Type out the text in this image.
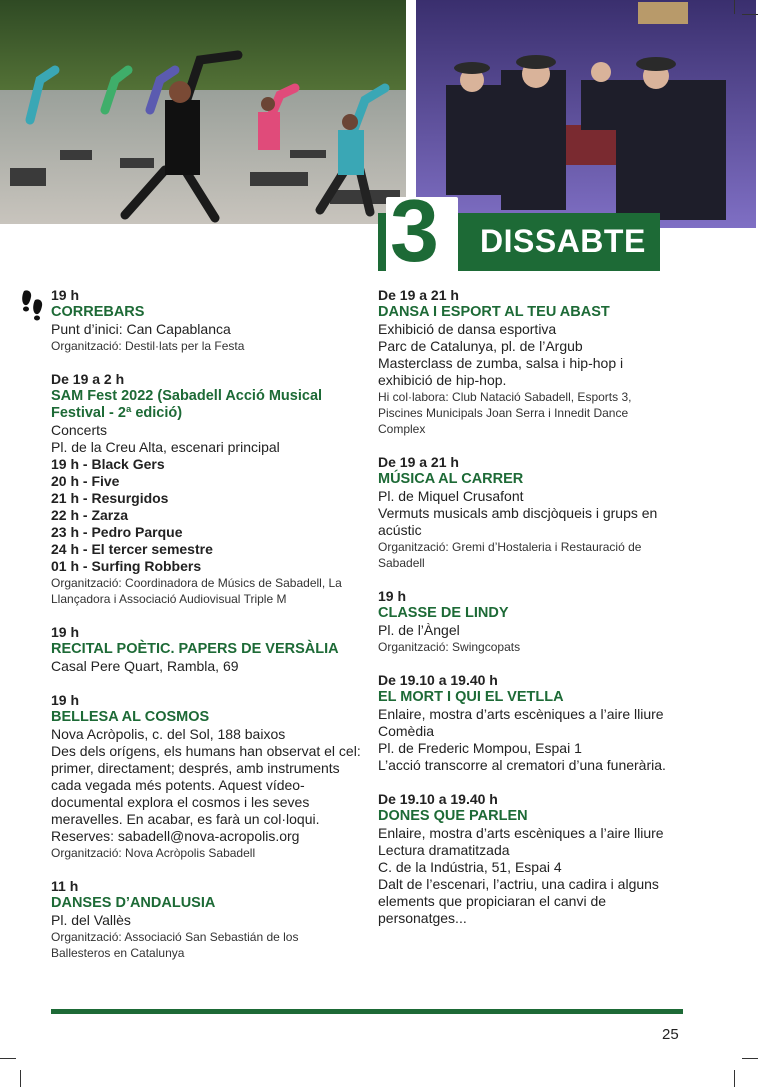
3 DISSABTE
19 h
CORREBARS
Punt d’inici: Can Capablanca
Organització: Destil·lats per la Festa
De 19 a 2 h
SAM Fest 2022 (Sabadell Acció Musical Festival - 2ª edició)
Concerts
Pl. de la Creu Alta, escenari principal
19 h - Black Gers
20 h - Five
21 h - Resurgidos
22 h - Zarza
23 h - Pedro Parque
24 h - El tercer semestre
01 h - Surfing Robbers
Organització: Coordinadora de Músics de Sabadell, La Llançadora i Associació Audiovisual Triple M
19 h
RECITAL POÈTIC. PAPERS DE VERSÀLIA
Casal Pere Quart, Rambla, 69
19 h
BELLESA AL COSMOS
Nova Acròpolis, c. del Sol, 188 baixos
Des dels orígens, els humans han observat el cel: primer, directament; després, amb instruments cada vegada més potents. Aquest vídeo-documental explora el cosmos i les seves meravelles. En acabar, es farà un col·loqui.
Reserves: sabadell@nova-acropolis.org
Organització: Nova Acròpolis Sabadell
11 h
DANSES D’ANDALUSIA
Pl. del Vallès
Organització: Associació San Sebastián de los Ballesteros en Catalunya
De 19 a 21 h
DANSA I ESPORT AL TEU ABAST
Exhibició de dansa esportiva
Parc de Catalunya, pl. de l’Argub
Masterclass de zumba, salsa i hip-hop i exhibició de hip-hop.
Hi col·labora: Club Natació Sabadell, Esports 3, Piscines Municipals Joan Serra i Innedit Dance Complex
De 19 a 21 h
MÚSICA AL CARRER
Pl. de Miquel Crusafont
Vermuts musicals amb discjòqueis i grups en acústic
Organització: Gremi d’Hostaleria i Restauració de Sabadell
19 h
CLASSE DE LINDY
Pl. de l’Àngel
Organització: Swingcopats
De 19.10 a 19.40 h
EL MORT I QUI EL VETLLA
Enlaire, mostra d’arts escèniques a l’aire lliure
Comèdia
Pl. de Frederic Mompou, Espai 1
L’acció transcorre al crematori d’una funerària.
De 19.10 a 19.40 h
DONES QUE PARLEN
Enlaire, mostra d’arts escèniques a l’aire lliure
Lectura dramatitzada
C. de la Indústria, 51, Espai 4
Dalt de l’escenari, l’actriu, una cadira i alguns elements que propiciaran el canvi de personatges...
25
